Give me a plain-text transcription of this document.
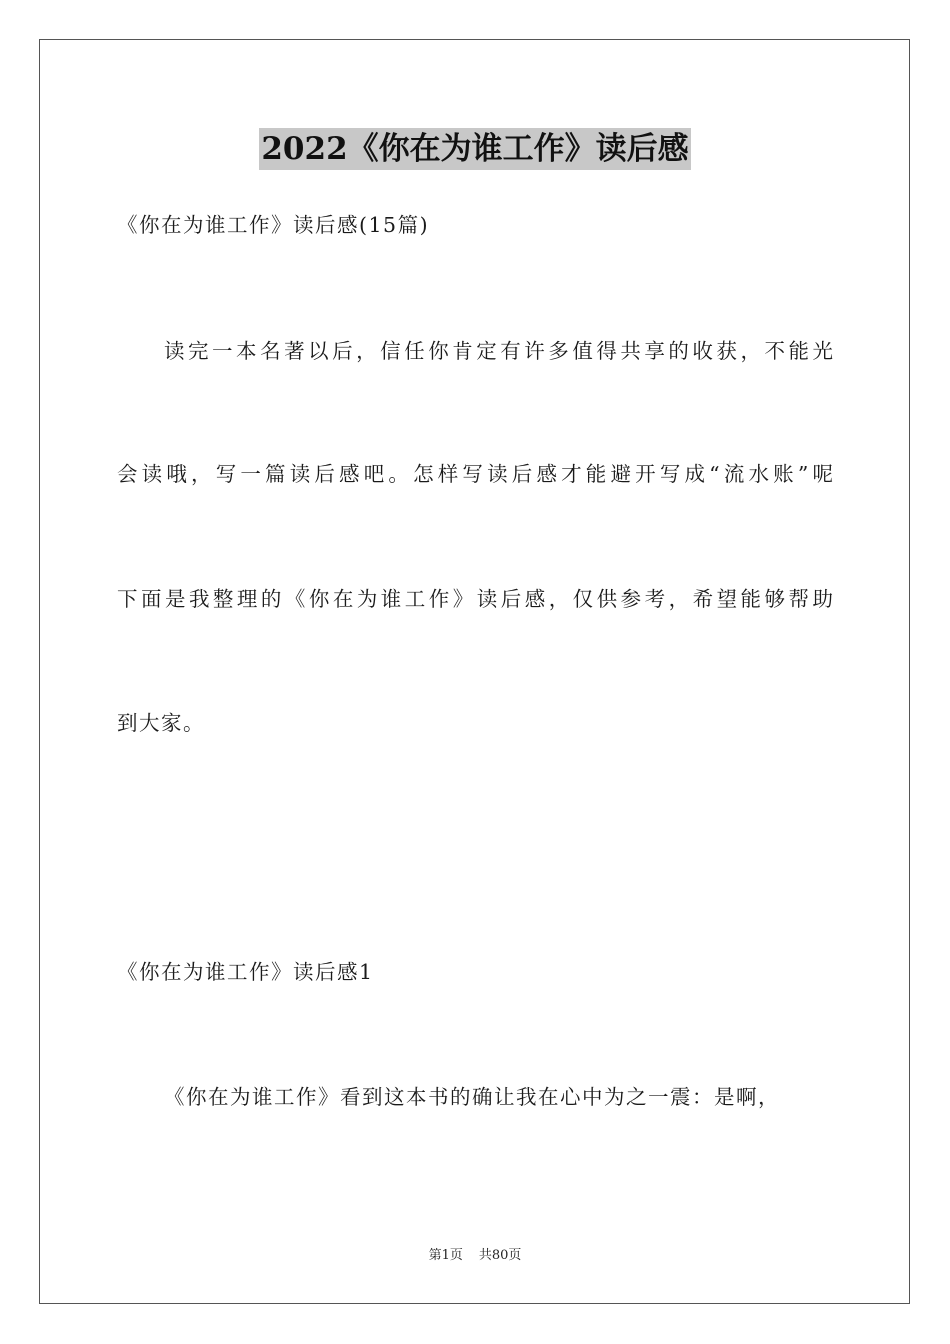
2022《你在为谁工作》读后感
《你在为谁工作》读后感(15篇)
读完一本名著以后，信任你肯定有许多值得共享的收获，不能光
会读哦，写一篇读后感吧。怎样写读后感才能避开写成“流水账”呢
下面是我整理的《你在为谁工作》读后感，仅供参考，希望能够帮助
到大家。
《你在为谁工作》读后感1
《你在为谁工作》看到这本书的确让我在心中为之一震：是啊，
第1页 共80页
